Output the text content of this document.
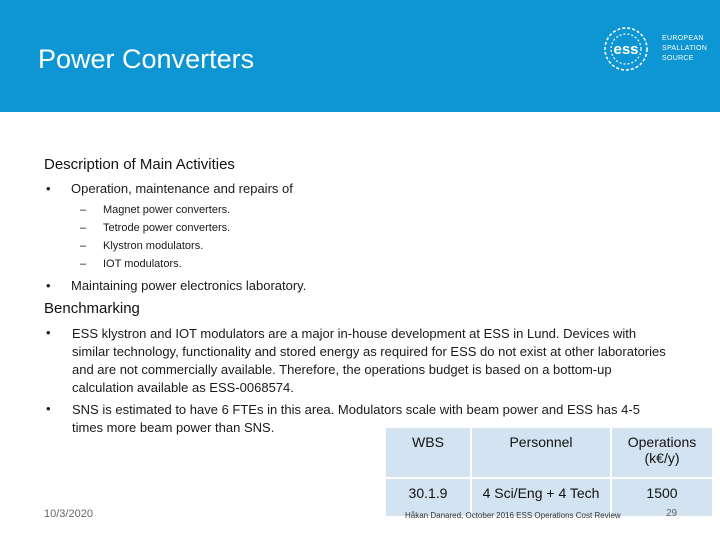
Power Converters	ess
EUROPEAN
SPALLATION
SOURCE
Description of Main Activities
• Operation, maintenance and repairs of
– Magnet power converters.
– Tetrode power converters.
– Klystron modulators.
– IOT modulators.
• Maintaining power electronics laboratory.
Benchmarking
• ESS klystron and IOT modulators are a major in-house development at ESS in Lund. Devices with similar technology, functionality and stored energy as required for ESS do not exist at other laboratories and are not commercially available. Therefore, the operations budget is based on a bottom-up calculation available as ESS-0068574.
• SNS is estimated to have 6 FTEs in this area. Modulators scale with beam power and ESS has 4-5 times more beam power than SNS.
WBS	Personnel	Operations (k€/y)
30.1.9	4 Sci/Eng + 4 Tech	1500
10/3/2020	Håkan Danared, October 2016 ESS Operations Cost Review	29
